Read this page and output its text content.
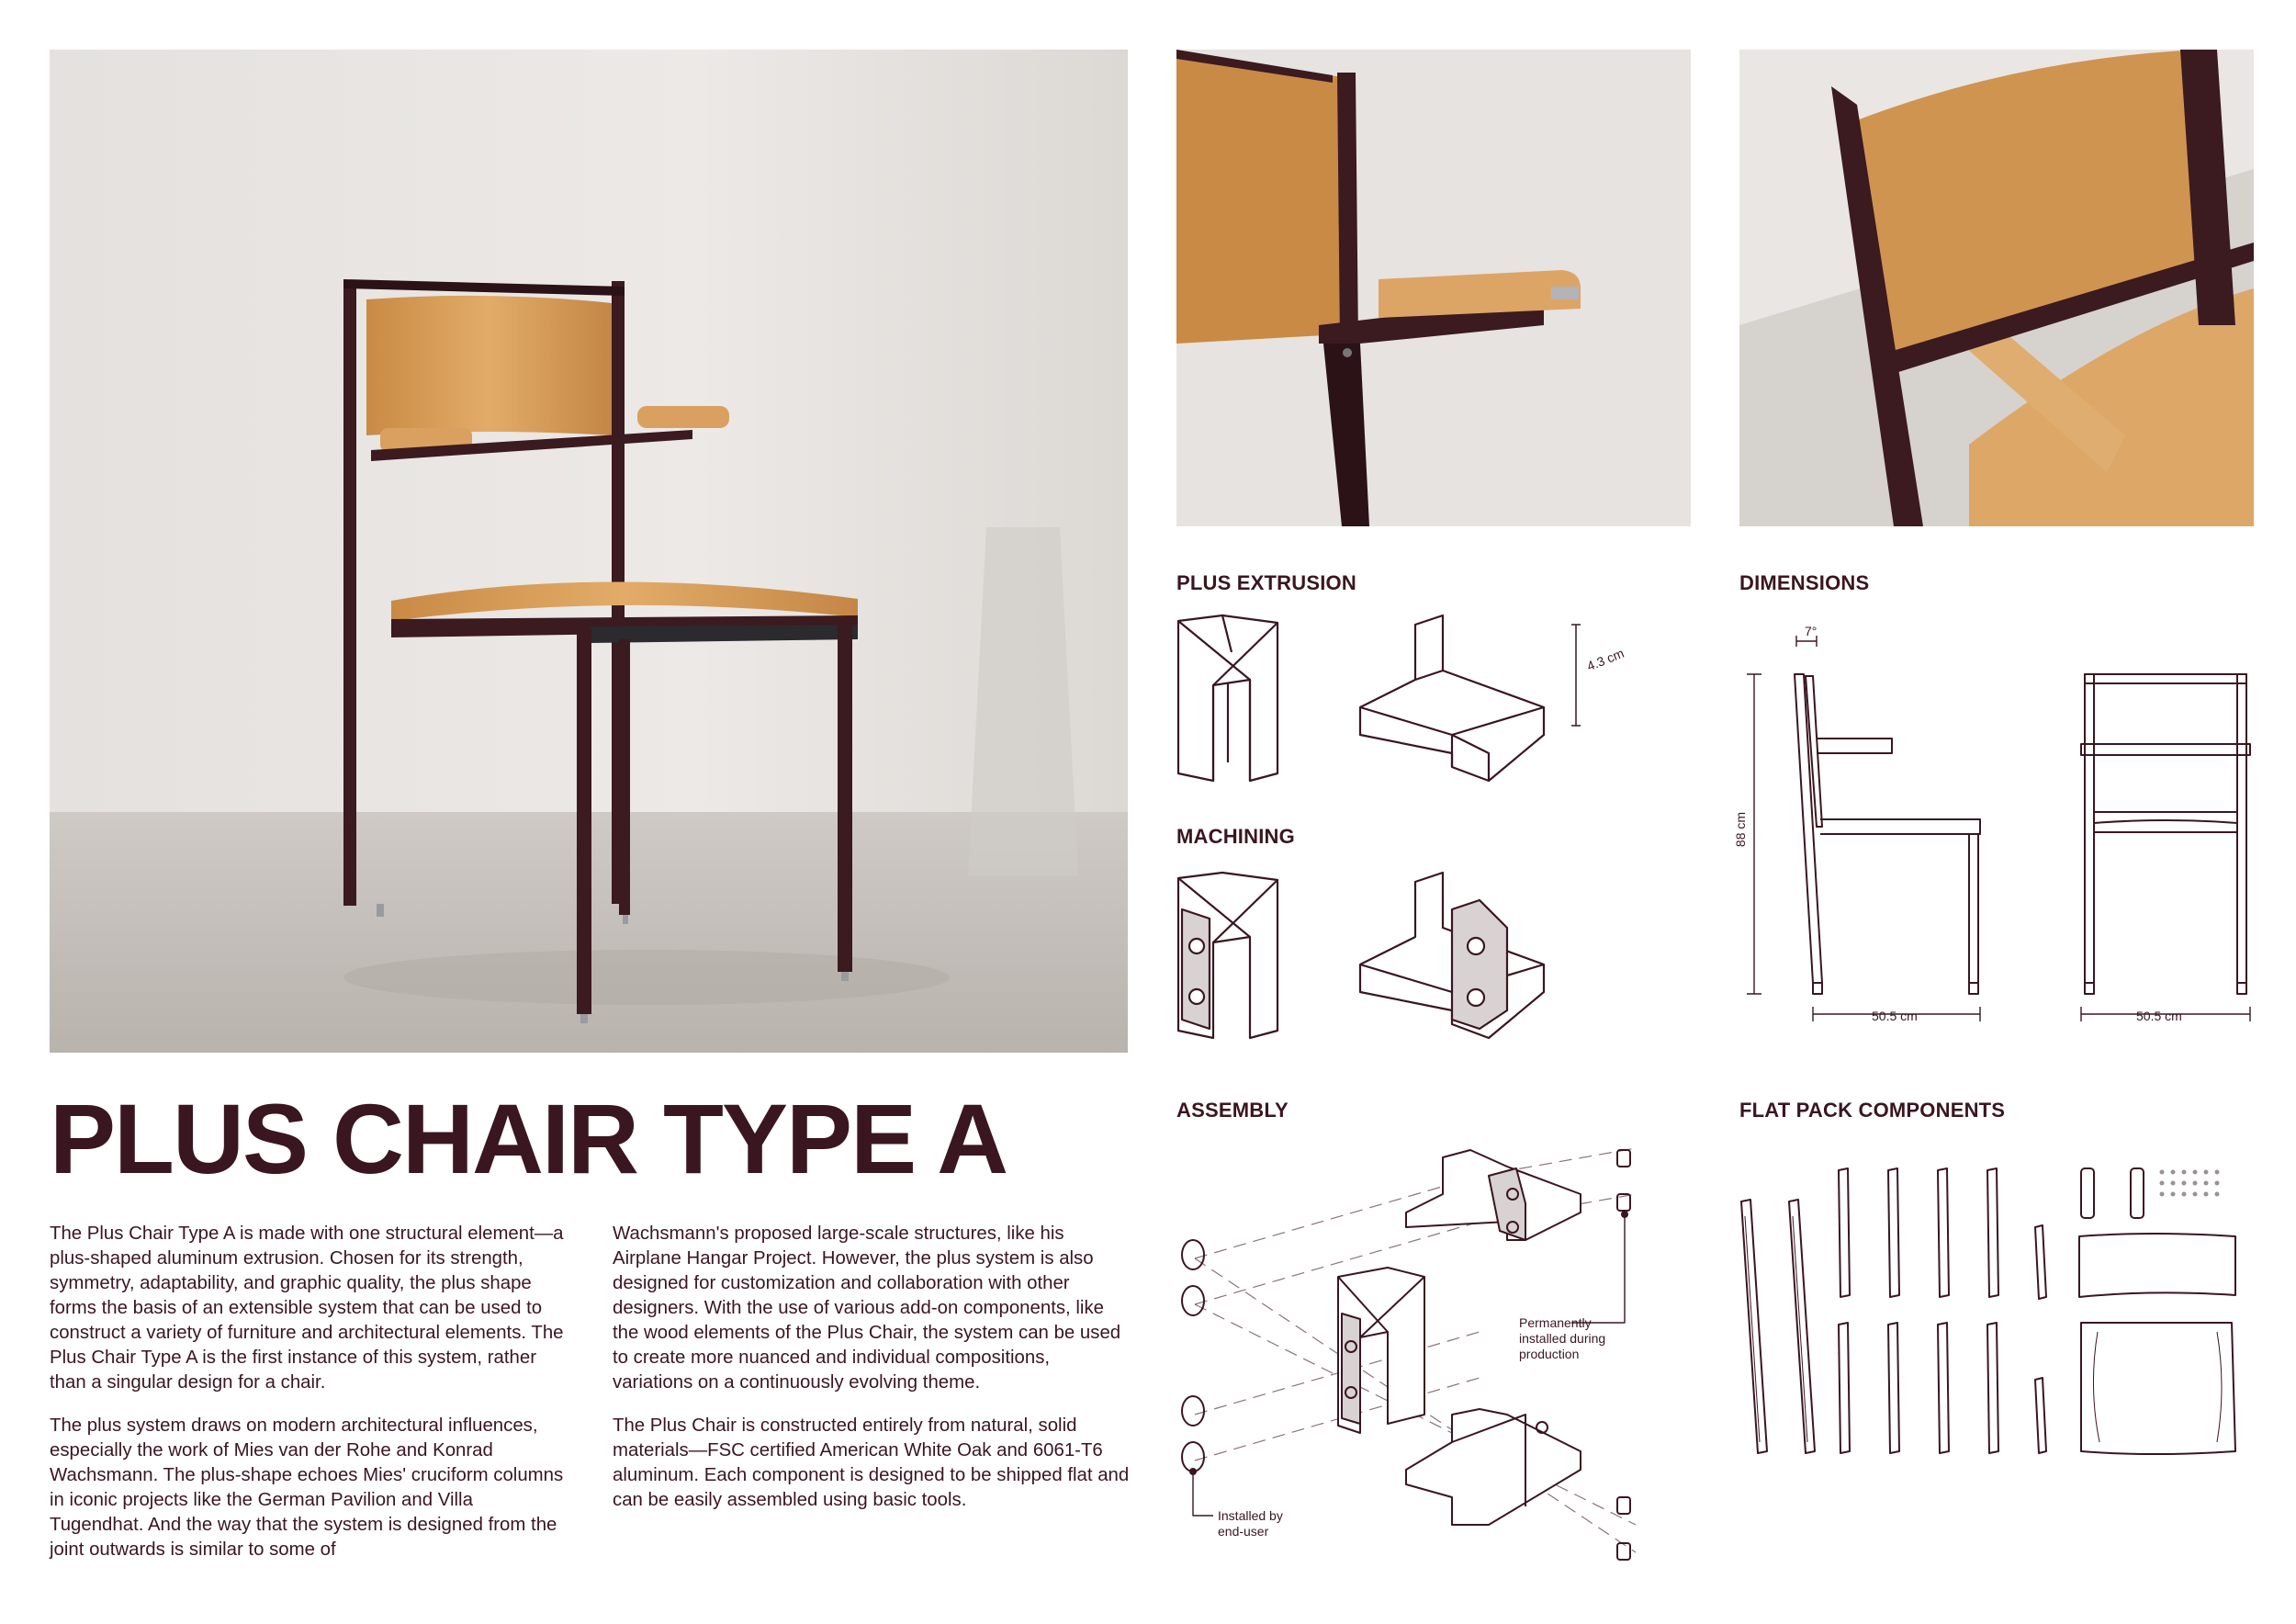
PLUS EXTRUSION
MACHINING
DIMENSIONS
ASSEMBLY	FLAT PACK COMPONENTS
4.3 cm
7°
88 cm
50.5 cm	50.5 cm
PLUS CHAIR TYPE A

The Plus Chair Type A is made with one structural element—a plus-shaped aluminum extrusion. Chosen for its strength, symmetry, adaptability, and graphic quality, the plus shape forms the basis of an extensible system that can be used to construct a variety of furniture and architectural elements. The Plus Chair Type A is the first instance of this system, rather than a singular design for a chair.

The plus system draws on modern architectural influences, especially the work of Mies van der Rohe and Konrad Wachsmann. The plus-shape echoes Mies' cruciform columns in iconic projects like the German Pavilion and Villa Tugendhat. And the way that the system is designed from the joint outwards is similar to some of

Wachsmann's proposed large-scale structures, like his Airplane Hangar Project. However, the plus system is also designed for customization and collaboration with other designers. With the use of various add-on components, like the wood elements of the Plus Chair, the system can be used to create more nuanced and individual compositions, variations on a continuously evolving theme.

The Plus Chair is constructed entirely from natural, solid materials—FSC certified American White Oak and 6061-T6 aluminum. Each component is designed to be shipped flat and can be easily assembled using basic tools.

Permanently installed during production
Installed by end-user
